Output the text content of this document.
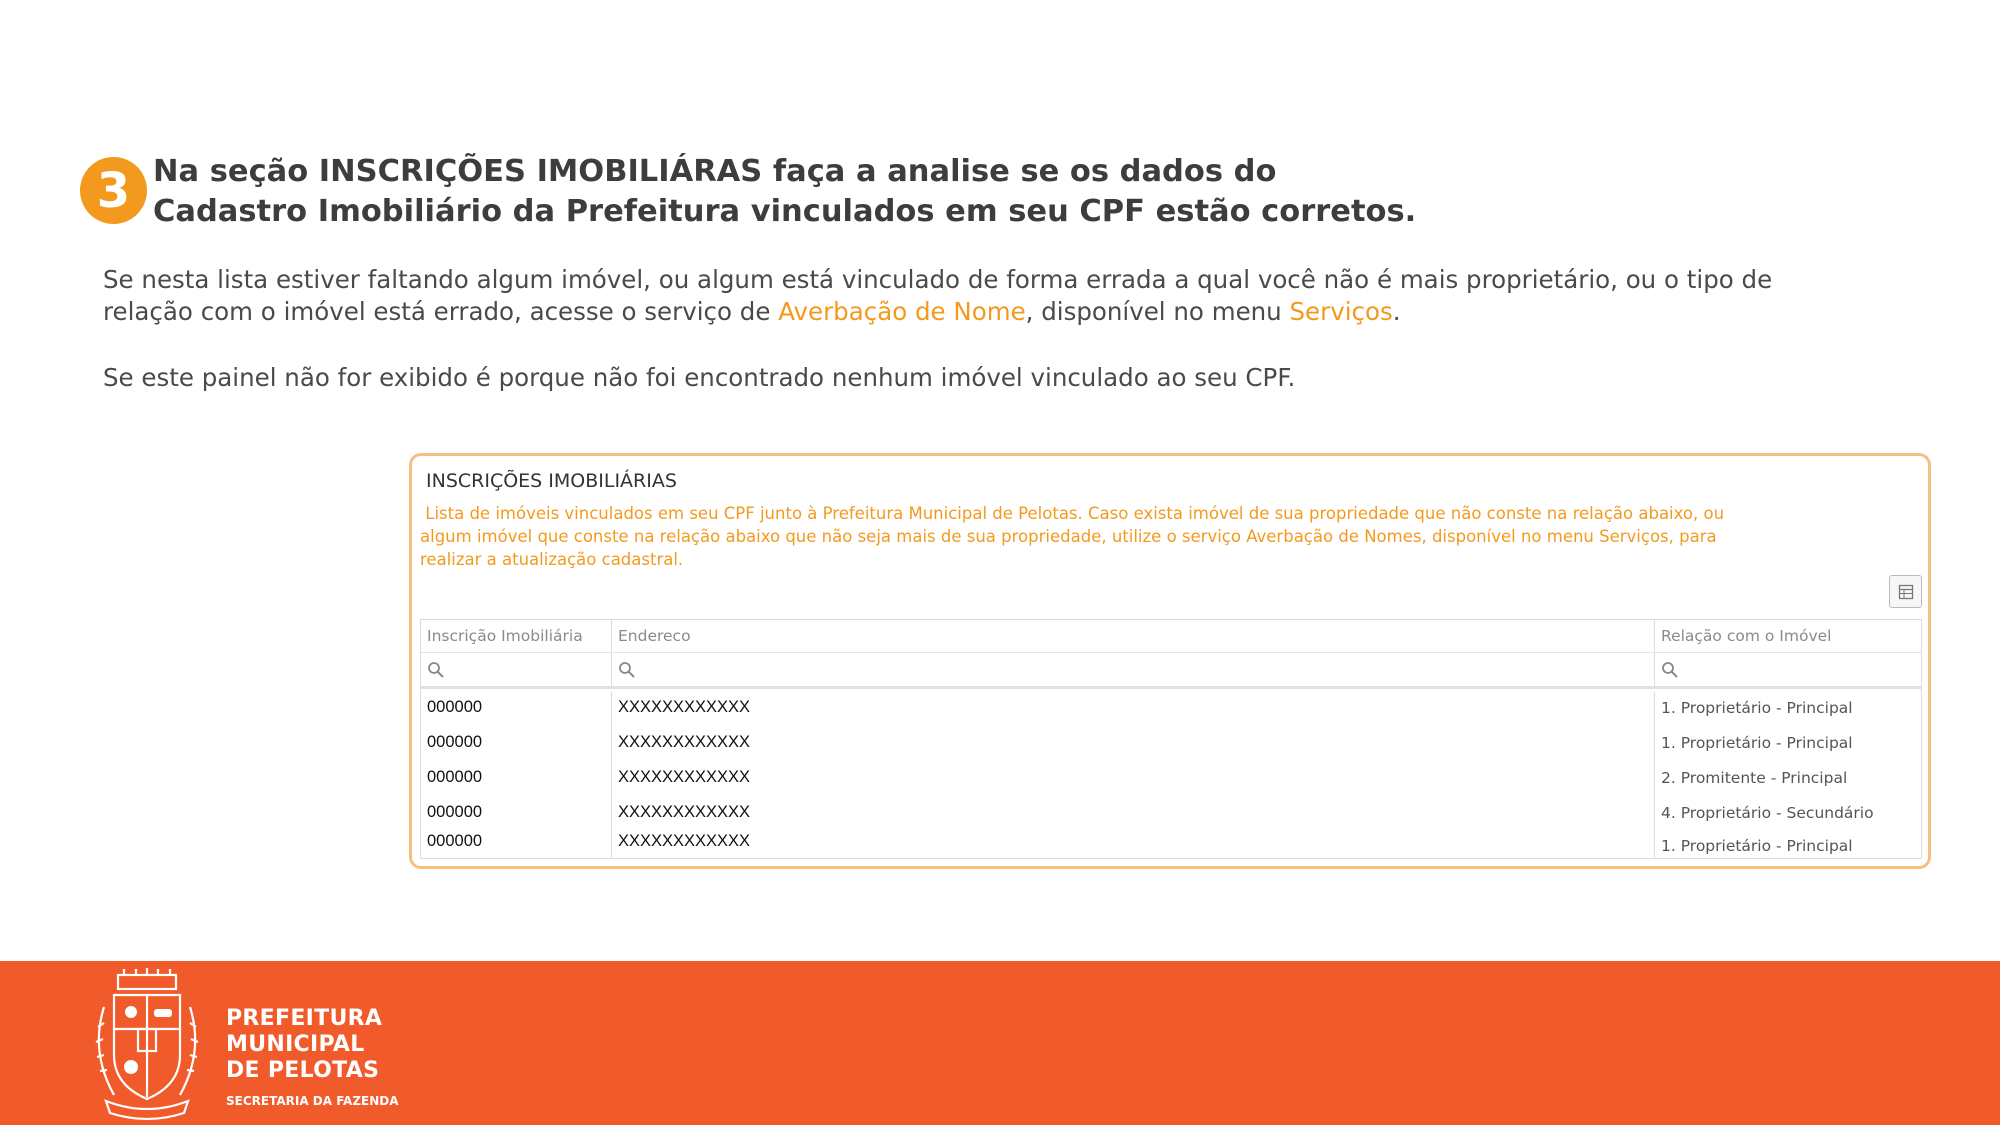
3 Na seção INSCRIÇÕES IMOBILIÁRAS faça a analise se os dados do
Cadastro Imobiliário da Prefeitura vinculados em seu CPF estão corretos.
Se nesta lista estiver faltando algum imóvel, ou algum está vinculado de forma errada a qual você não é mais proprietário, ou o tipo de
relação com o imóvel está errado, acesse o serviço de Averbação de Nome, disponível no menu Serviços.
Se este painel não for exibido é porque não foi encontrado nenhum imóvel vinculado ao seu CPF.
INSCRIÇÕES IMOBILIÁRIAS
Lista de imóveis vinculados em seu CPF junto à Prefeitura Municipal de Pelotas. Caso exista imóvel de sua propriedade que não conste na relação abaixo, ou
algum imóvel que conste na relação abaixo que não seja mais de sua propriedade, utilize o serviço Averbação de Nomes, disponível no menu Serviços, para
realizar a atualização cadastral.
Inscrição Imobiliária	Endereco	Relação com o Imóvel
000000	XXXXXXXXXXXX	1. Proprietário - Principal
000000	XXXXXXXXXXXX	1. Proprietário - Principal
000000	XXXXXXXXXXXX	2. Promitente - Principal
000000	XXXXXXXXXXXX	4. Proprietário - Secundário
000000	XXXXXXXXXXXX	1. Proprietário - Principal
PREFEITURA
MUNICIPAL
DE PELOTAS
SECRETARIA DA FAZENDA
